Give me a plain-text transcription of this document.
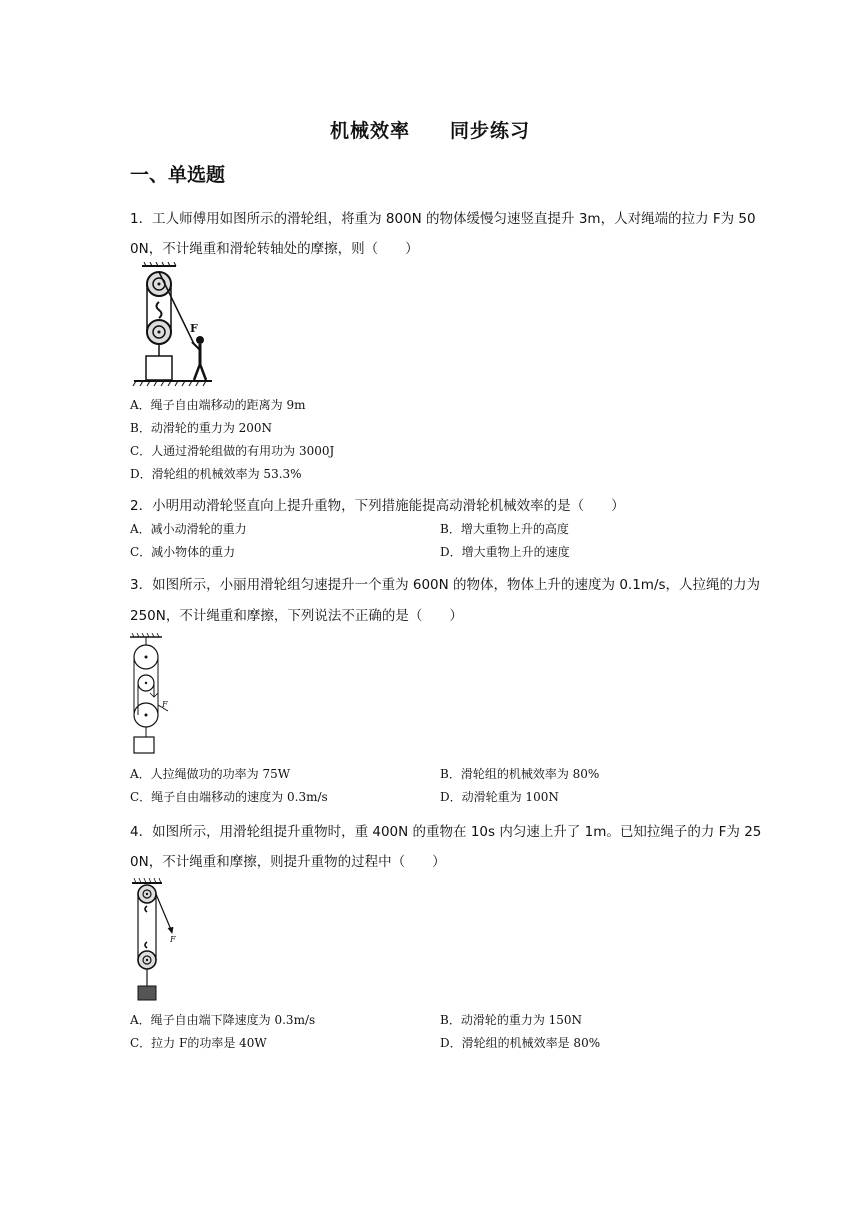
机械效率　　同步练习
一、单选题
1．工人师傅用如图所示的滑轮组，将重为 800N 的物体缓慢匀速竖直提升 3m，人对绳端的拉力 F为 50
0N，不计绳重和滑轮转轴处的摩擦，则（　　）
F
A．绳子自由端移动的距离为 9m
B．动滑轮的重力为 200N
C．人通过滑轮组做的有用功为 3000J
D．滑轮组的机械效率为 53.3%
2．小明用动滑轮竖直向上提升重物，下列措施能提高动滑轮机械效率的是（　　）
A．减小动滑轮的重力	B．增大重物上升的高度
C．减小物体的重力	D．增大重物上升的速度
3．如图所示，小丽用滑轮组匀速提升一个重为 600N 的物体，物体上升的速度为 0.1m/s，人拉绳的力为
250N，不计绳重和摩擦，下列说法不正确的是（　　）
F
A．人拉绳做功的功率为 75W	B．滑轮组的机械效率为 80%
C．绳子自由端移动的速度为 0.3m/s	D．动滑轮重为 100N
4．如图所示，用滑轮组提升重物时，重 400N 的重物在 10s 内匀速上升了 1m。已知拉绳子的力 F为 25
0N，不计绳重和摩擦，则提升重物的过程中（　　）
F
A．绳子自由端下降速度为 0.3m/s	B．动滑轮的重力为 150N
C．拉力 F的功率是 40W	D．滑轮组的机械效率是 80%
